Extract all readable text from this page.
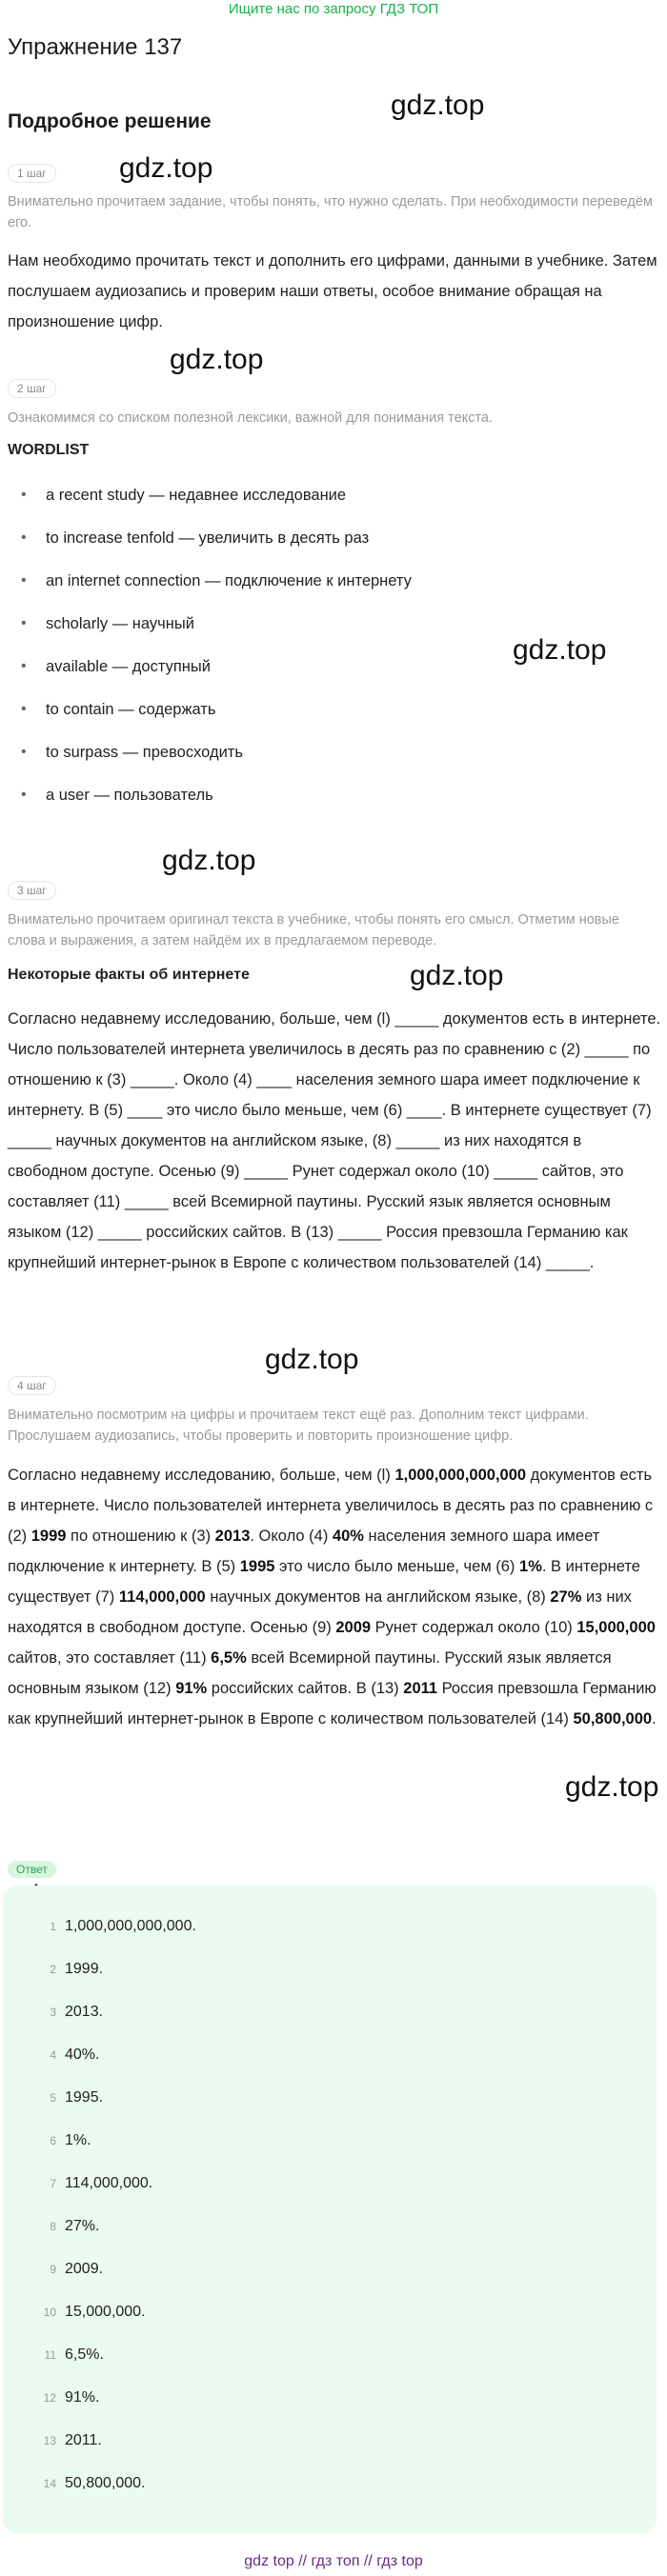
Ищите нас по запросу ГДЗ ТОП
Упражнение 137
Подробное решение
gdz.top
gdz.top
gdz.top
gdz.top
gdz.top
gdz.top
gdz.top
gdz.top
1 шаг
Внимательно прочитаем задание, чтобы понять, что нужно сделать. При необходимости переведём его.
Нам необходимо прочитать текст и дополнить его цифрами, данными в учебнике. Затем послушаем аудиозапись и проверим наши ответы, особое внимание обращая на произношение цифр.
2 шаг
Ознакомимся со списком полезной лексики, важной для понимания текста.
WORDLIST
• a recent study — недавнее исследование
• to increase tenfold — увеличить в десять раз
• an internet connection — подключение к интернету
• scholarly — научный
• available — доступный
• to contain — содержать
• to surpass — превосходить
• a user — пользователь
3 шаг
Внимательно прочитаем оригинал текста в учебнике, чтобы понять его смысл. Отметим новые слова и выражения, а затем найдём их в предлагаемом переводе.
Некоторые факты об интернете
Согласно недавнему исследованию, больше, чем (l) _____ документов есть в интернете. Число пользователей интернета увеличилось в десять раз по сравнению с (2) _____ по отношению к (3) _____. Около (4) ____ населения земного шара имеет подключение к интернету. В (5) ____ это число было меньше, чем (6) ____. В интернете существует (7) _____ научных документов на английском языке, (8) _____ из них находятся в свободном доступе. Осенью (9) _____ Рунет содержал около (10) _____ сайтов, это составляет (11) _____ всей Всемирной паутины. Русский язык является основным языком (12) _____ российских сайтов. В (13) _____ Россия превзошла Германию как крупнейший интернет-рынок в Европе с количеством пользователей (14) _____.
4 шаг
Внимательно посмотрим на цифры и прочитаем текст ещё раз. Дополним текст цифрами. Прослушаем аудиозапись, чтобы проверить и повторить произношение цифр.
Согласно недавнему исследованию, больше, чем (l) 1,000,000,000,000 документов есть в интернете. Число пользователей интернета увеличилось в десять раз по сравнению с (2) 1999 по отношению к (3) 2013. Около (4) 40% населения земного шара имеет подключение к интернету. В (5) 1995 это число было меньше, чем (6) 1%. В интернете существует (7) 114,000,000 научных документов на английском языке, (8) 27% из них находятся в свободном доступе. Осенью (9) 2009 Рунет содержал около (10) 15,000,000 сайтов, это составляет (11) 6,5% всей Всемирной паутины. Русский язык является основным языком (12) 91% российских сайтов. В (13) 2011 Россия превзошла Германию как крупнейший интернет-рынок в Европе с количеством пользователей (14) 50,800,000.
Ответ
1 1,000,000,000,000.
2 1999.
3 2013.
4 40%.
5 1995.
6 1%.
7 114,000,000.
8 27%.
9 2009.
10 15,000,000.
11 6,5%.
12 91%.
13 2011.
14 50,800,000.
gdz top // гдз топ // гдз top
